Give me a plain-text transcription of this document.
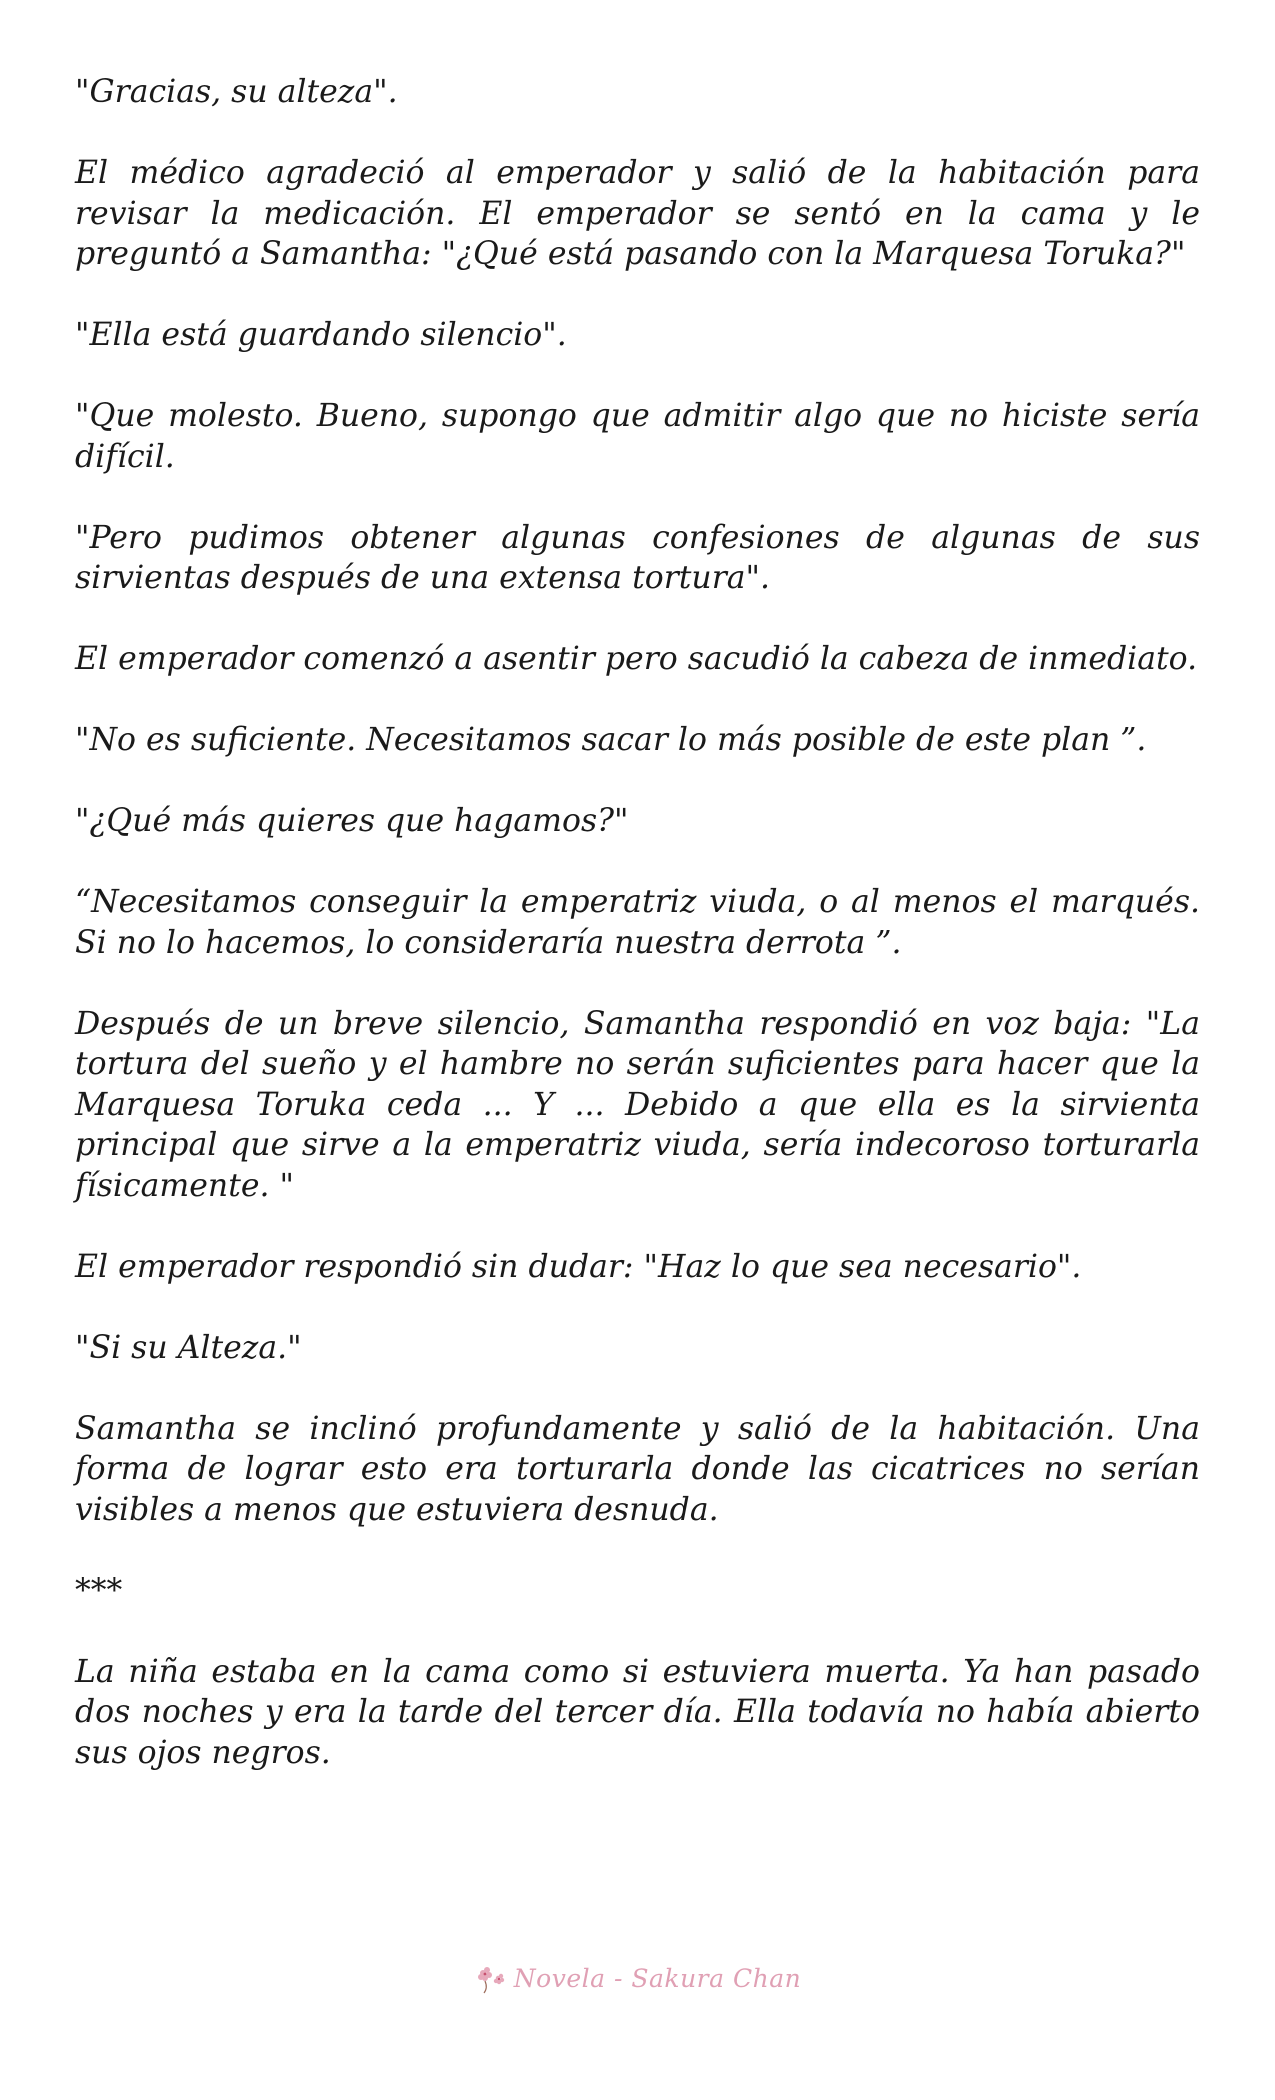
"Gracias, su alteza".

El médico agradeció al emperador y salió de la habitación para revisar la medicación. El emperador se sentó en la cama y le preguntó a Samantha: "¿Qué está pasando con la Marquesa Toruka?"

"Ella está guardando silencio".

"Que molesto. Bueno, supongo que admitir algo que no hiciste sería difícil.

"Pero pudimos obtener algunas confesiones de algunas de sus sirvientas después de una extensa tortura".

El emperador comenzó a asentir pero sacudió la cabeza de inmediato.

"No es suficiente. Necesitamos sacar lo más posible de este plan ”.

"¿Qué más quieres que hagamos?"

“Necesitamos conseguir la emperatriz viuda, o al menos el marqués. Si no lo hacemos, lo consideraría nuestra derrota ”.

Después de un breve silencio, Samantha respondió en voz baja: "La tortura del sueño y el hambre no serán suficientes para hacer que la Marquesa Toruka ceda ... Y ... Debido a que ella es la sirvienta principal que sirve a la emperatriz viuda, sería indecoroso torturarla físicamente. "

El emperador respondió sin dudar: "Haz lo que sea necesario".

"Si su Alteza."

Samantha se inclinó profundamente y salió de la habitación. Una forma de lograr esto era torturarla donde las cicatrices no serían visibles a menos que estuviera desnuda.

***

La niña estaba en la cama como si estuviera muerta. Ya han pasado dos noches y era la tarde del tercer día. Ella todavía no había abierto sus ojos negros.

Novela - Sakura Chan
